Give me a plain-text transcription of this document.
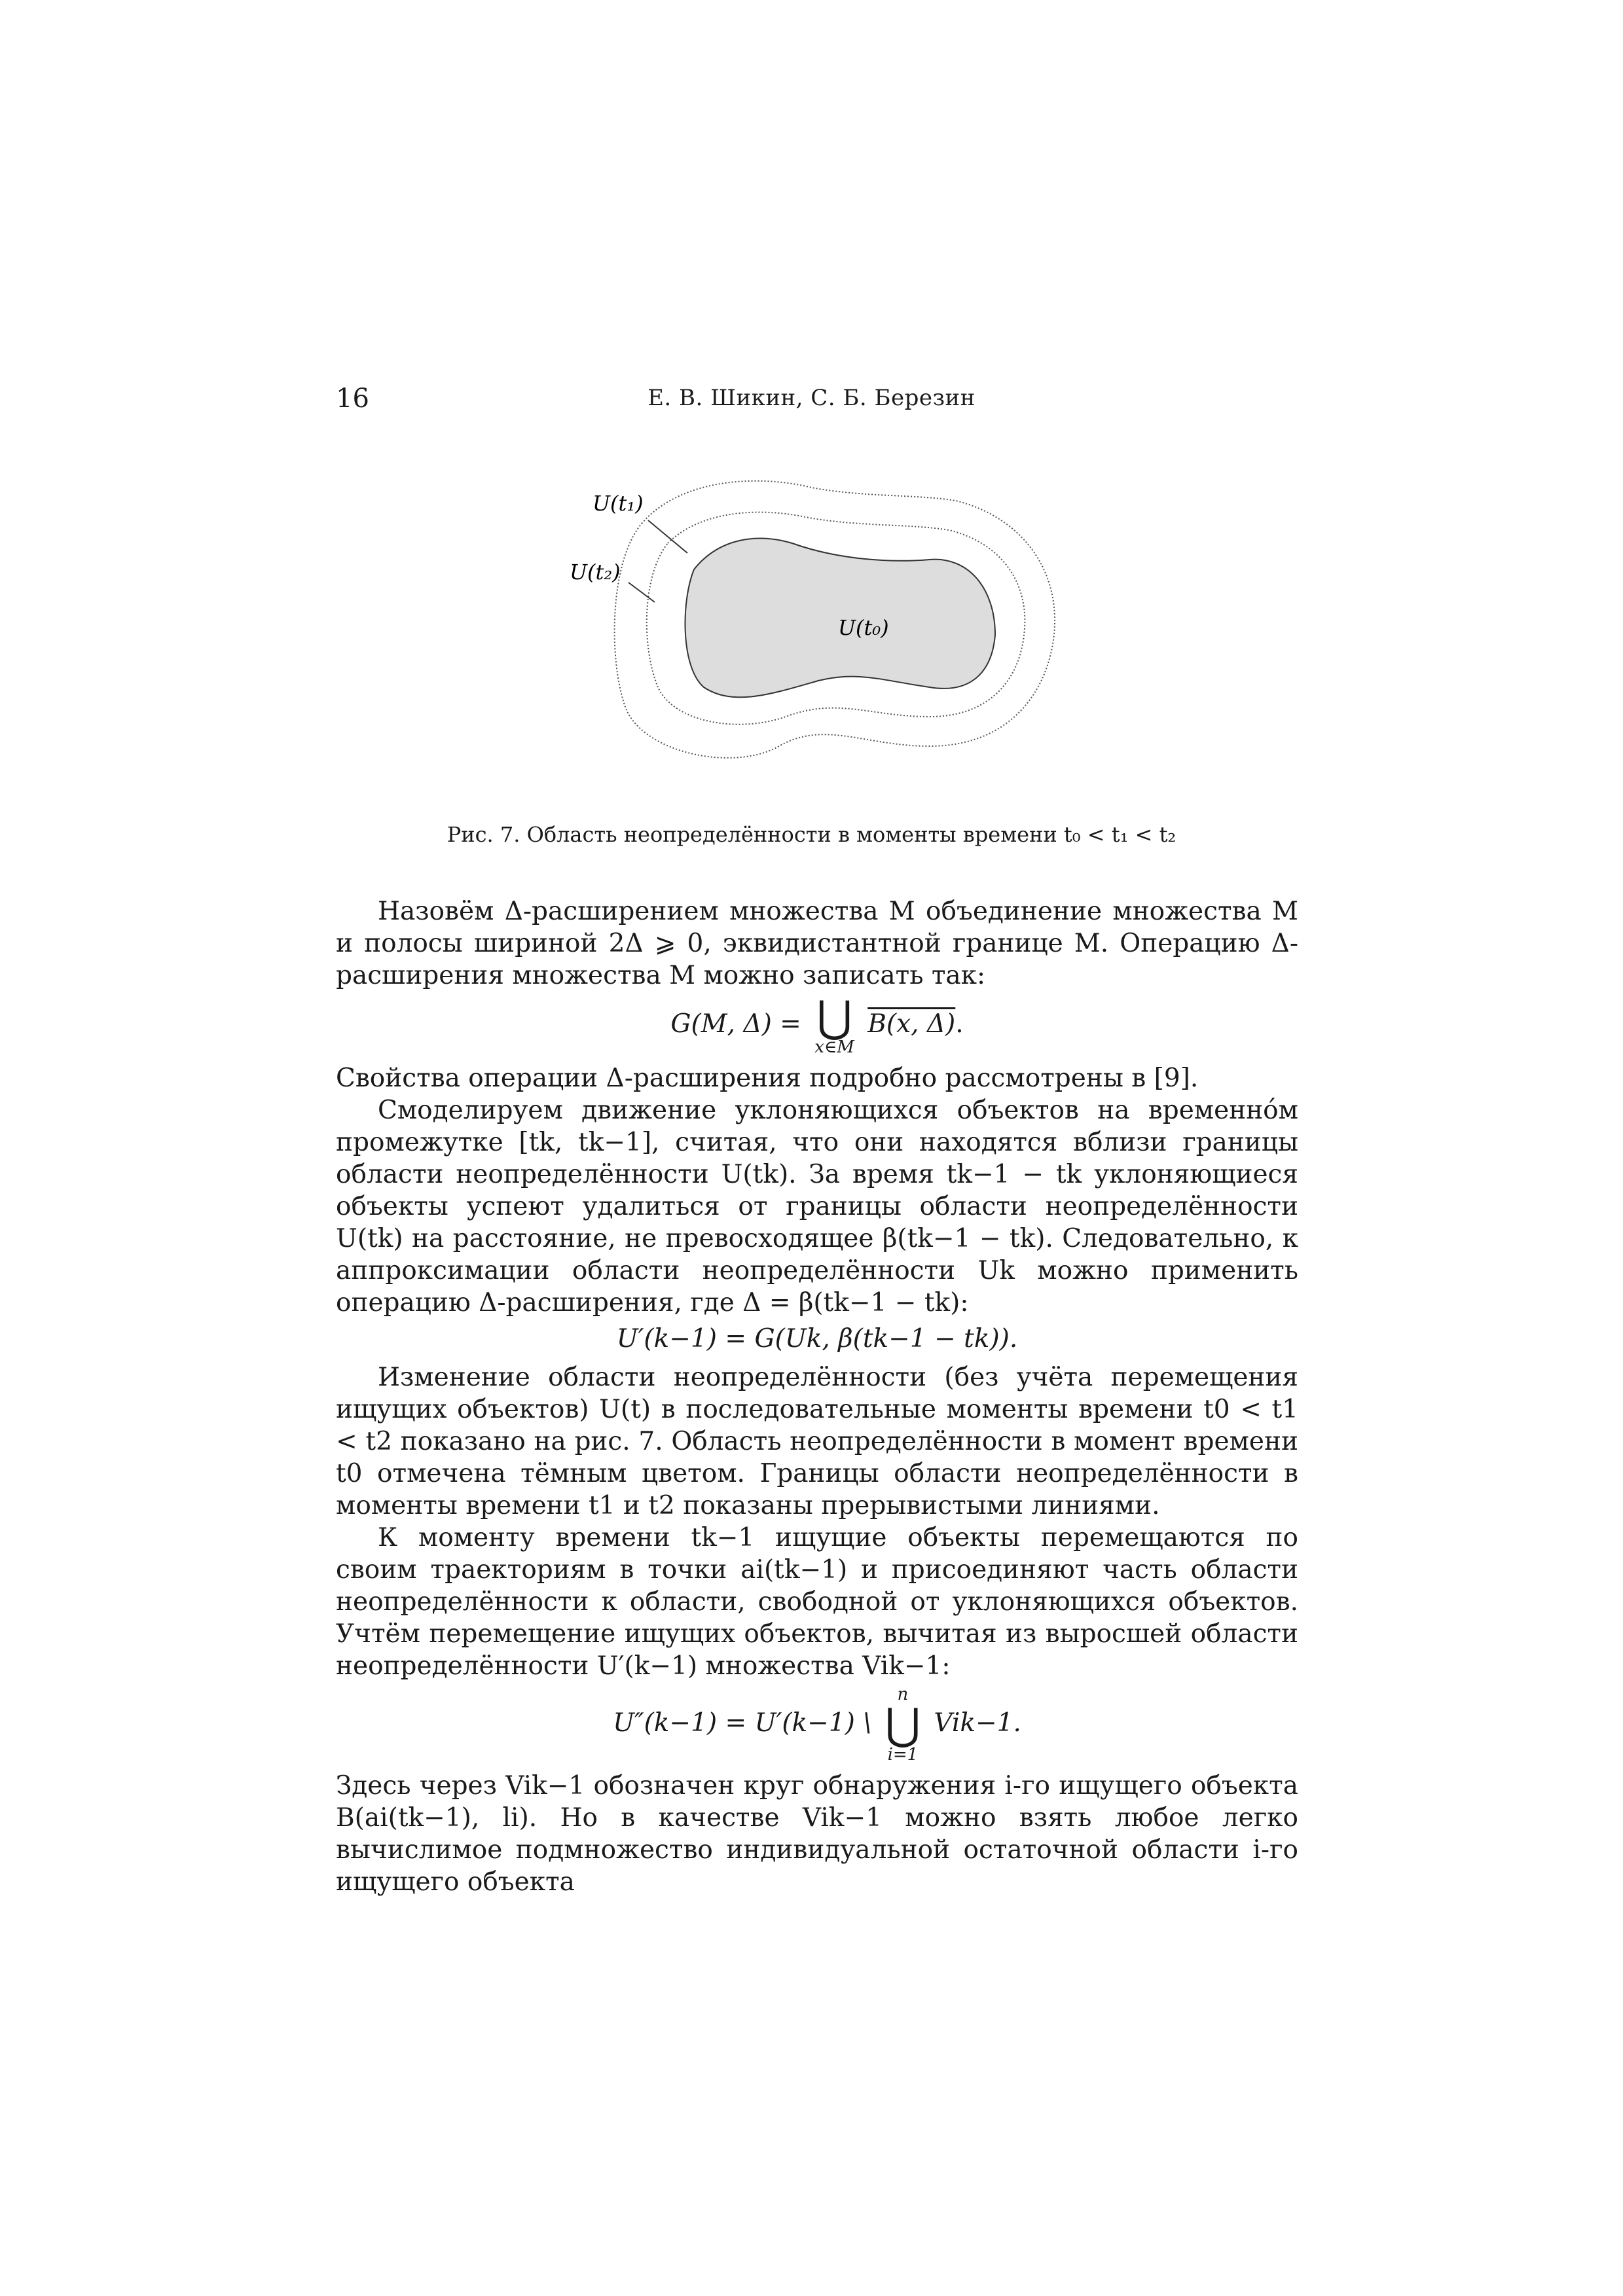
16	Е. В. Шикин, С. Б. Березин
U(t₁)
U(t₂)
U(t₀)
Рис. 7. Область неопределённости в моменты времени t₀ < t₁ < t₂

Назовём Δ-расширением множества M объединение множества M и полосы шириной 2Δ ⩾ 0, эквидистантной границе M. Операцию Δ-расширения множества M можно записать так:

G(M, Δ) = ⋃
x∈M
B(x, Δ).

Свойства операции Δ-расширения подробно рассмотрены в [9].

Смоделируем движение уклоняющихся объектов на временно́м промежутке [tk, tk−1], считая, что они находятся вблизи границы области неопределённости U(tk). За время tk−1 − tk уклоняющиеся объекты успеют удалиться от границы области неопределённости U(tk) на расстояние, не превосходящее β(tk−1 − tk). Следовательно, к аппроксимации области неопределённости Uk можно применить операцию Δ-расширения, где Δ = β(tk−1 − tk):

U′(k−1) = G(Uk, β(tk−1 − tk)).

Изменение области неопределённости (без учёта перемещения ищущих объектов) U(t) в последовательные моменты времени t0 < t1 < t2 показано на рис. 7. Область неопределённости в момент времени t0 отмечена тёмным цветом. Границы области неопределённости в моменты времени t1 и t2 показаны прерывистыми линиями.

К моменту времени tk−1 ищущие объекты перемещаются по своим траекториям в точки ai(tk−1) и присоединяют часть области неопределённости к области, свободной от уклоняющихся объектов. Учтём перемещение ищущих объектов, вычитая из выросшей области неопределённости U′(k−1) множества Vik−1:

U″(k−1) = U′(k−1) \
n
⋃
i=1
Vik−1.

Здесь через Vik−1 обозначен круг обнаружения i-го ищущего объекта B(ai(tk−1), li). Но в качестве Vik−1 можно взять любое легко вычислимое подмножество индивидуальной остаточной области i-го ищущего объекта
